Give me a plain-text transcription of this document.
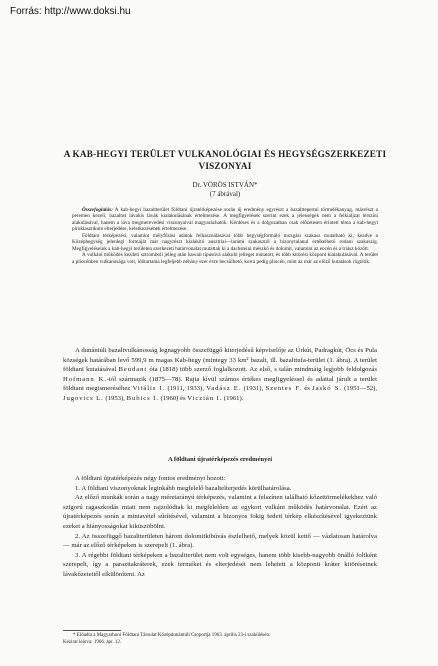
Forrás: http://www.doksi.hu
A KAB-HEGYI TERÜLET VULKANOLÓGIAI ÉS HEGYSÉGSZERKEZETI VISZONYAI
Dr. VÖRÖS ISTVÁN*
(7 ábrával)

Összefoglalás: A kab-hegyi bazaltterület földtani újratérképezése során új eredmény egyrészt a bazalttepermi törmelékanyag, másrészt a peremen kezeli, bazaltos lávakis lávák kialakulásának értelmezése. A megfigyelések szerint ezek a jelenségek nem a felkialjzat térszíni alakulásával, hanem a láva megmerevedési viszonyaival magyarázhatók. Kérdéses és a dolgozatban csak előzetesen érintett téma a kab-hegyi piroklasztikum elterjedése, keletkezésének értelmezése.

Földtani térképezési, valamint mélyfúrási adatok felhasználásával több hegységformáló mozgási szakasz mutatható ki, kezdve a Középhegység jelenlegi formáját már nagyrészt kialakító ausztriai—larámi szakasztól a bizonytalanul értékelhető rodani szakaszig. Megfigyeléseink a kab-hegyi területen szerkezeti határvonalat mutattak ki a dachsteini mészkő és dolomit, valamint az eocén és a triász között.

A vulkáni működés kezdeti sztrombolí jelleg után hawaii típusúvá alakuló jelleget mutatott, és több kitörési központ kialakulásával. A terület a pliocénben vulkanosága volt, időtartama legfeljebb néhány ezer évre becsülhető, korra pedig pliocén, mint az már az előző kutatások rögzítik.

A dunántúli bazaltvulkánosság legnagyobb összefüggő kiterjedésű képviselője az Úrkút, Padragkút, Öcs és Pula községek határában levő 599,9 m magas Kab-hegy (mintegy 33 km² bazalt, ill. bazalttufa-terület (1. ábra). A terület földtani kutatásával Beudant óta (1818) több szerző foglalkozott. Az első, s talán mindmáig legjobb feldolgozás Hofmann K.-tól származik (1875—78). Rajta kívül számos értékes megfigyeléssel és adattal járult a terület földtani megismeréséhez Vitális I. (1911, 1933), Vadász E. (1931), Szentes F. és Jaskó S. (1951—52), Jugovics L. (1953), Bubics I. (1960) és Viczián I. (1961).

A földtani újratérképezés eredményei

A földtani újratérképezés négy fontos eredményt hozott:

1. A földtani viszonyoknak leginkább megfelelő bazaltelterjedés körülhatárolása.

Az előző munkák során a nagy méretarányú térképezés, valamint a felszínen található kőzettörmelékekhez való szigorú ragaszkodás miatt nem rajzolódtak ki megfelelően az egykori vulkáni működés határvonalai. Ezért az újratérképezés során a mintavétel sűrítésével, valamint a bizonyos fokig fedett térkép elkészítésével igyekeztünk ezeket a hiányosságokat kiküszöbölni.

2. Az összefüggő bazaltterületen három dolomitkibúvás észlelhető, melyek közül kettő — vázlatosan határolva — már az előző térképeken is szerepelt (1. ábra).

3. A régebbi földtani térképeken a bazaltterület nem volt egységes, hanem több kisebb-nagyobb önálló foltként szerepelt, így a parazitakráterek, ezek terméket és elterjedését nem lehetett a központi kráter kitöréseinek lávakőzeteitől elkülöníteni. Az

* Előadta a Magyarhoni Földtani Társulat Középdunántúli Csoportja 1963. április 23-i szakülésén.

Kézirat leárva: 1966. ápr. 12.
